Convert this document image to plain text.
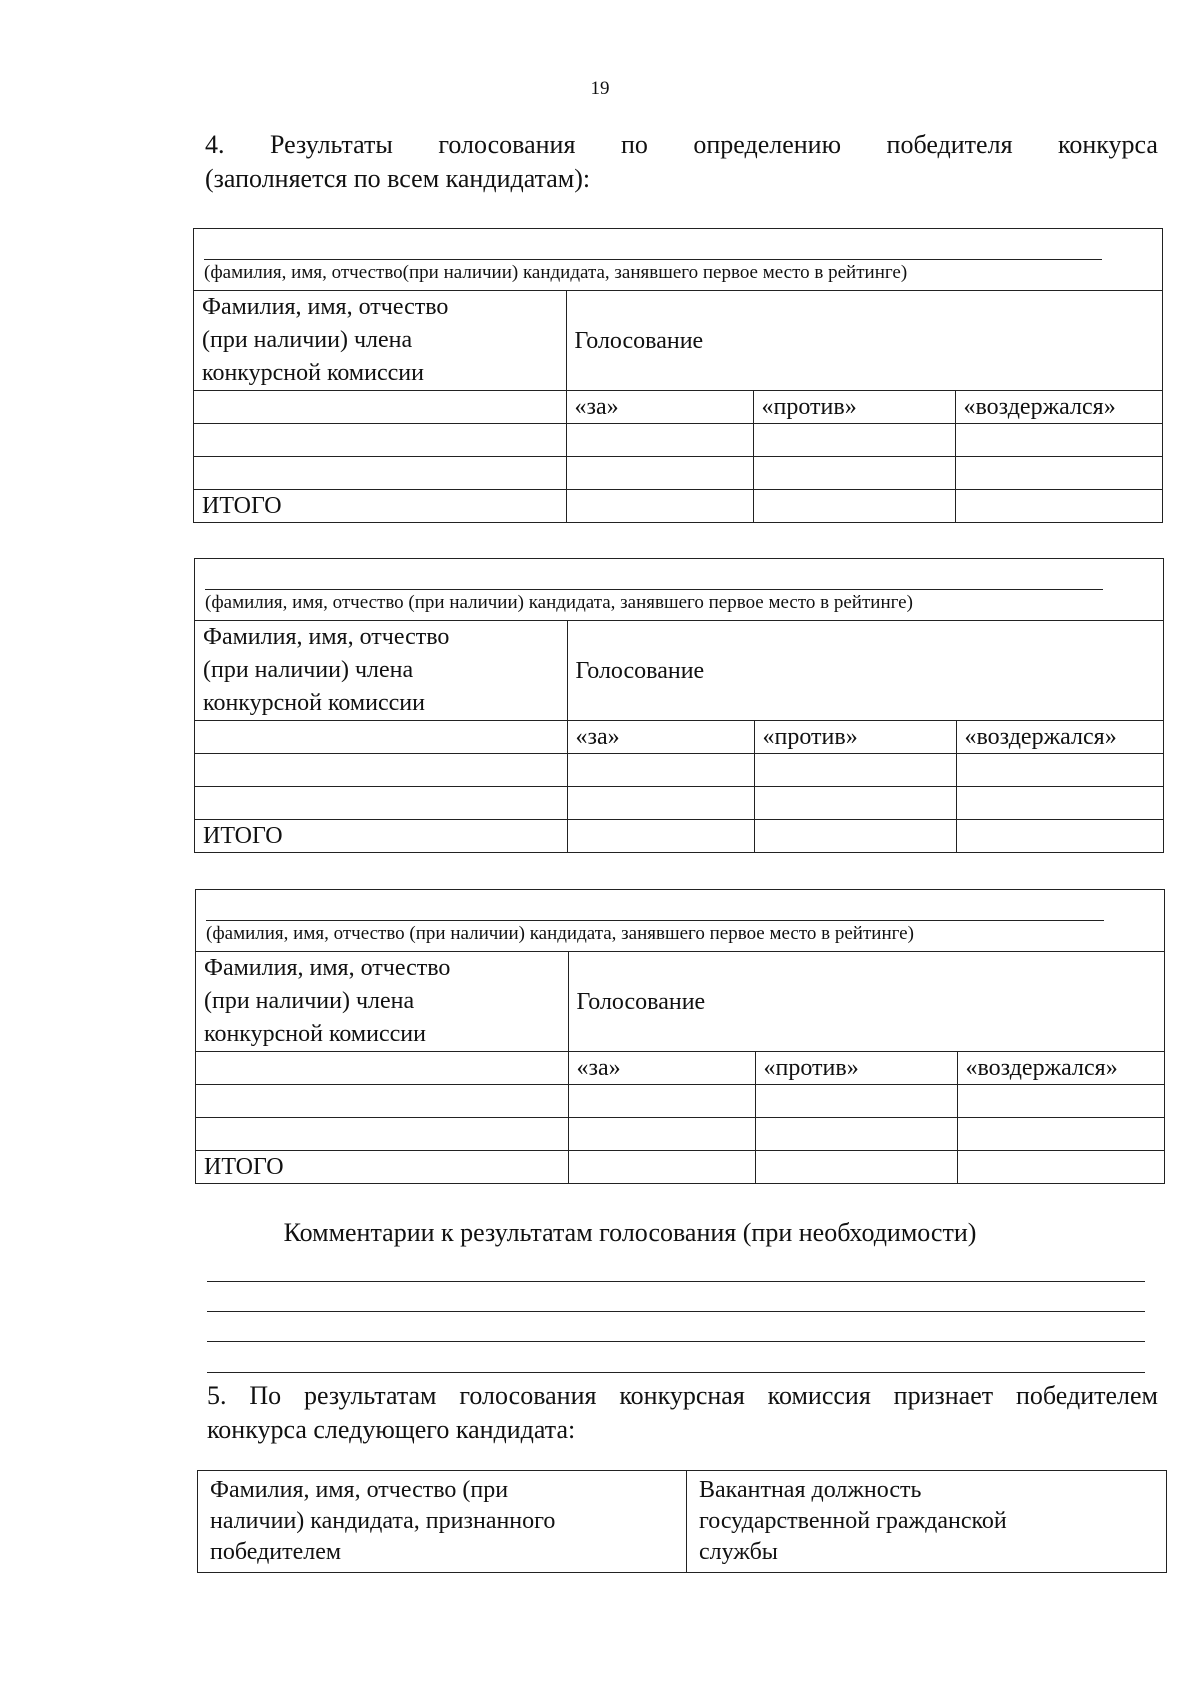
19
4. Результаты голосования по определению победителя конкурса
(заполняется по всем кандидатам):
(фамилия, имя, отчество(при наличии) кандидата, занявшего первое место в рейтинге)
Фамилия, имя, отчество
(при наличии) члена
конкурсной комиссии	Голосование		
	«за»	«против»	«воздержался»

ИТОГО			
(фамилия, имя, отчество (при наличии) кандидата, занявшего первое место в рейтинге)
Фамилия, имя, отчество
(при наличии) члена
конкурсной комиссии	Голосование		
	«за»	«против»	«воздержался»

ИТОГО			
(фамилия, имя, отчество (при наличии) кандидата, занявшего первое место в рейтинге)
Фамилия, имя, отчество
(при наличии) члена
конкурсной комиссии	Голосование		
	«за»	«против»	«воздержался»

ИТОГО			
Комментарии к результатам голосования (при необходимости)
5. По результатам голосования конкурсная комиссия признает победителем
конкурса следующего кандидата:
Фамилия, имя, отчество (при
наличии) кандидата, признанного
победителем

Вакантная должность
государственной гражданской
службы
